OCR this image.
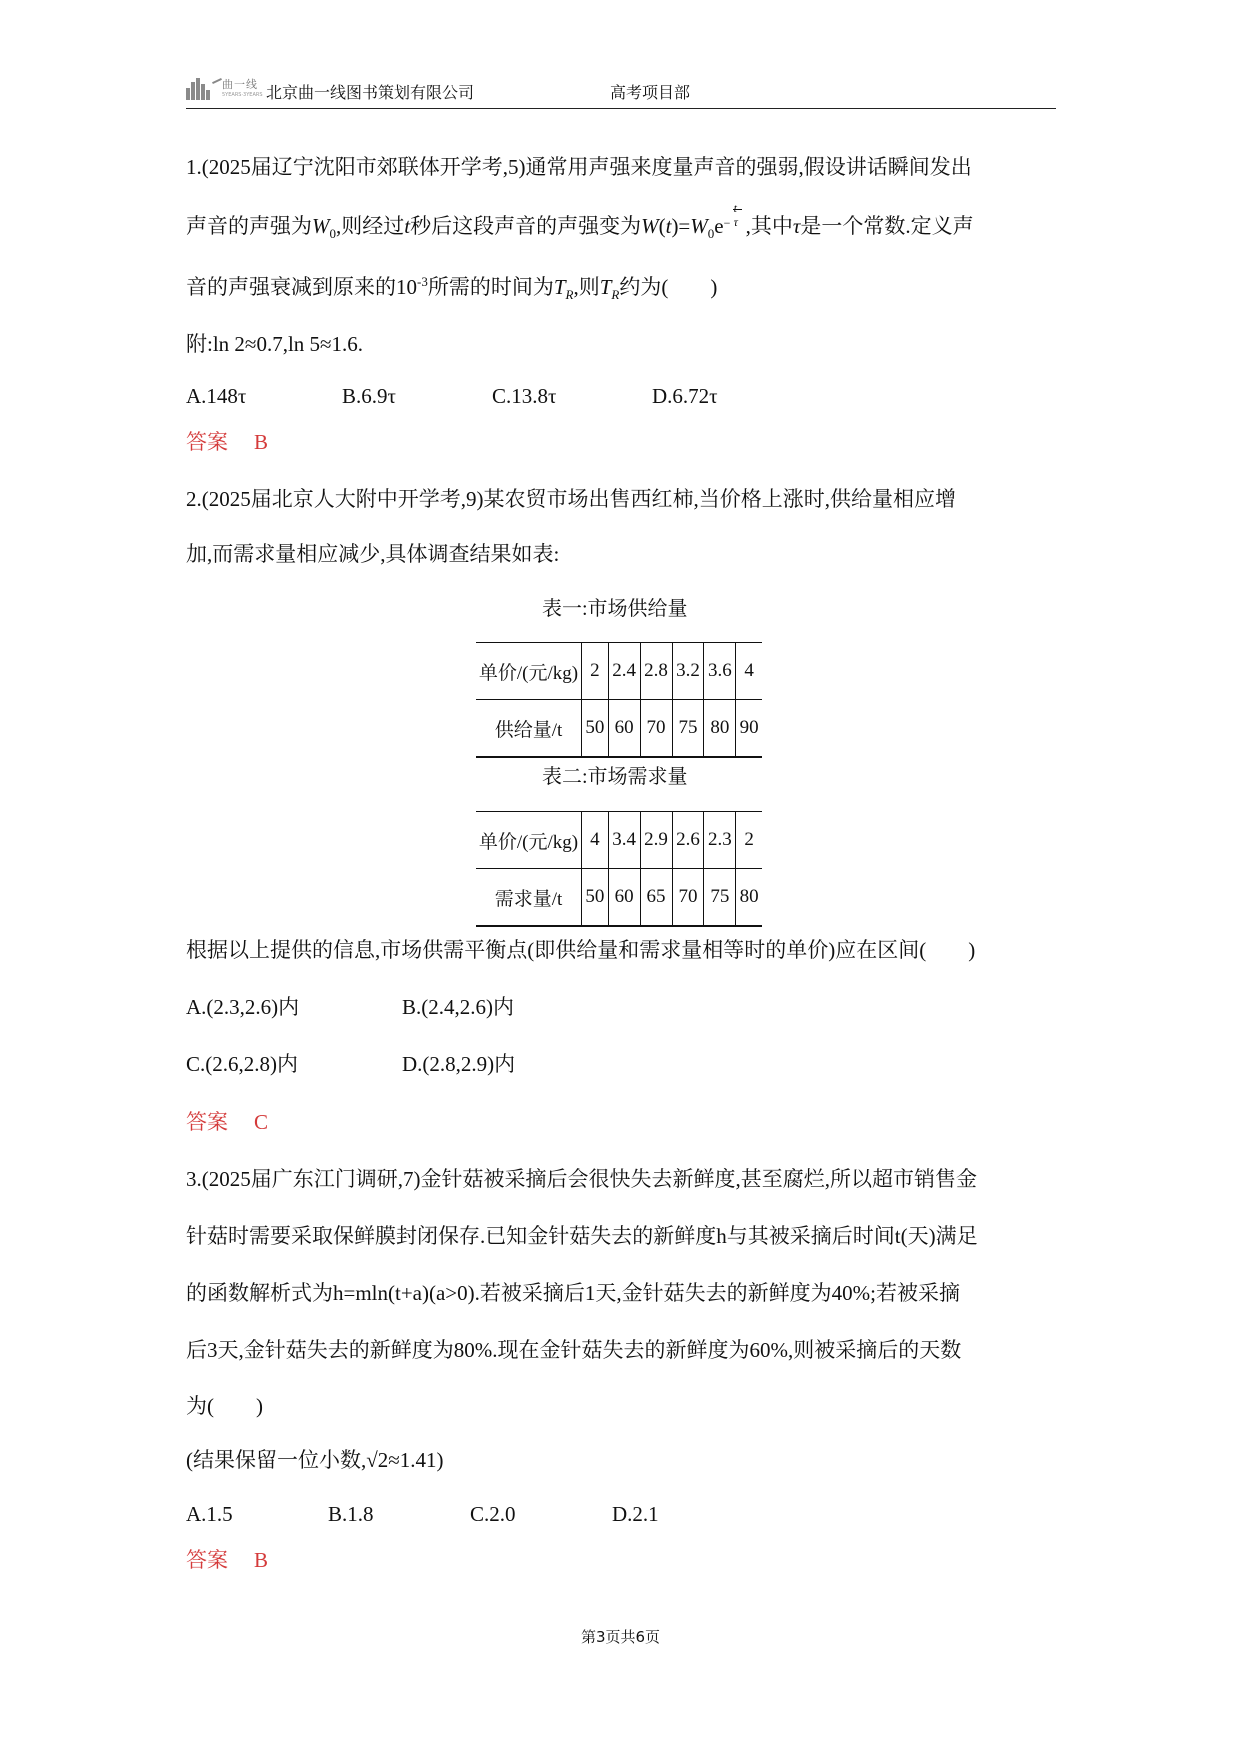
曲一线
5YEARS·3YEARS 北京曲一线图书策划有限公司	高考项目部
1.(2025届辽宁沈阳市郊联体开学考,5)通常用声强来度量声音的强弱,假设讲话瞬间发出
声音的声强为$W_0$,则经过t秒后这段声音的声强变为$W(t)=W_0e$ −
t
τ ,其中τ是一个常数.定义声
音的声强衰减到原来的$10^{-3}$所需的时间为$T_R$,则$T_R$约为(　　)
附:ln 2≈0.7,ln 5≈1.6.
A.148τ	B.6.9τ	C.13.8τ	D.6.72τ
答案 B
2.(2025届北京人大附中开学考,9)某农贸市场出售西红柿,当价格上涨时,供给量相应增
加,而需求量相应减少,具体调查结果如表:
表一:市场供给量
单价/(元/kg)	2	2.4	2.8	3.2	3.6	4
供给量/t	50	60	70	75	80	90
表二:市场需求量
单价/(元/kg)	4	3.4	2.9	2.6	2.3	2
需求量/t	50	60	65	70	75	80
根据以上提供的信息,市场供需平衡点(即供给量和需求量相等时的单价)应在区间(　　)
A.(2.3,2.6)内	B.(2.4,2.6)内
C.(2.6,2.8)内	D.(2.8,2.9)内
答案 C
3.(2025届广东江门调研,7)金针菇被采摘后会很快失去新鲜度,甚至腐烂,所以超市销售金
针菇时需要采取保鲜膜封闭保存.已知金针菇失去的新鲜度h与其被采摘后时间t(天)满足
的函数解析式为h=mln(t+a)(a>0).若被采摘后1天,金针菇失去的新鲜度为40%;若被采摘
后3天,金针菇失去的新鲜度为80%.现在金针菇失去的新鲜度为60%,则被采摘后的天数
为(　　)
(结果保留一位小数,√2≈1.41)
A.1.5	B.1.8	C.2.0	D.2.1
答案 B
第3页共6页
